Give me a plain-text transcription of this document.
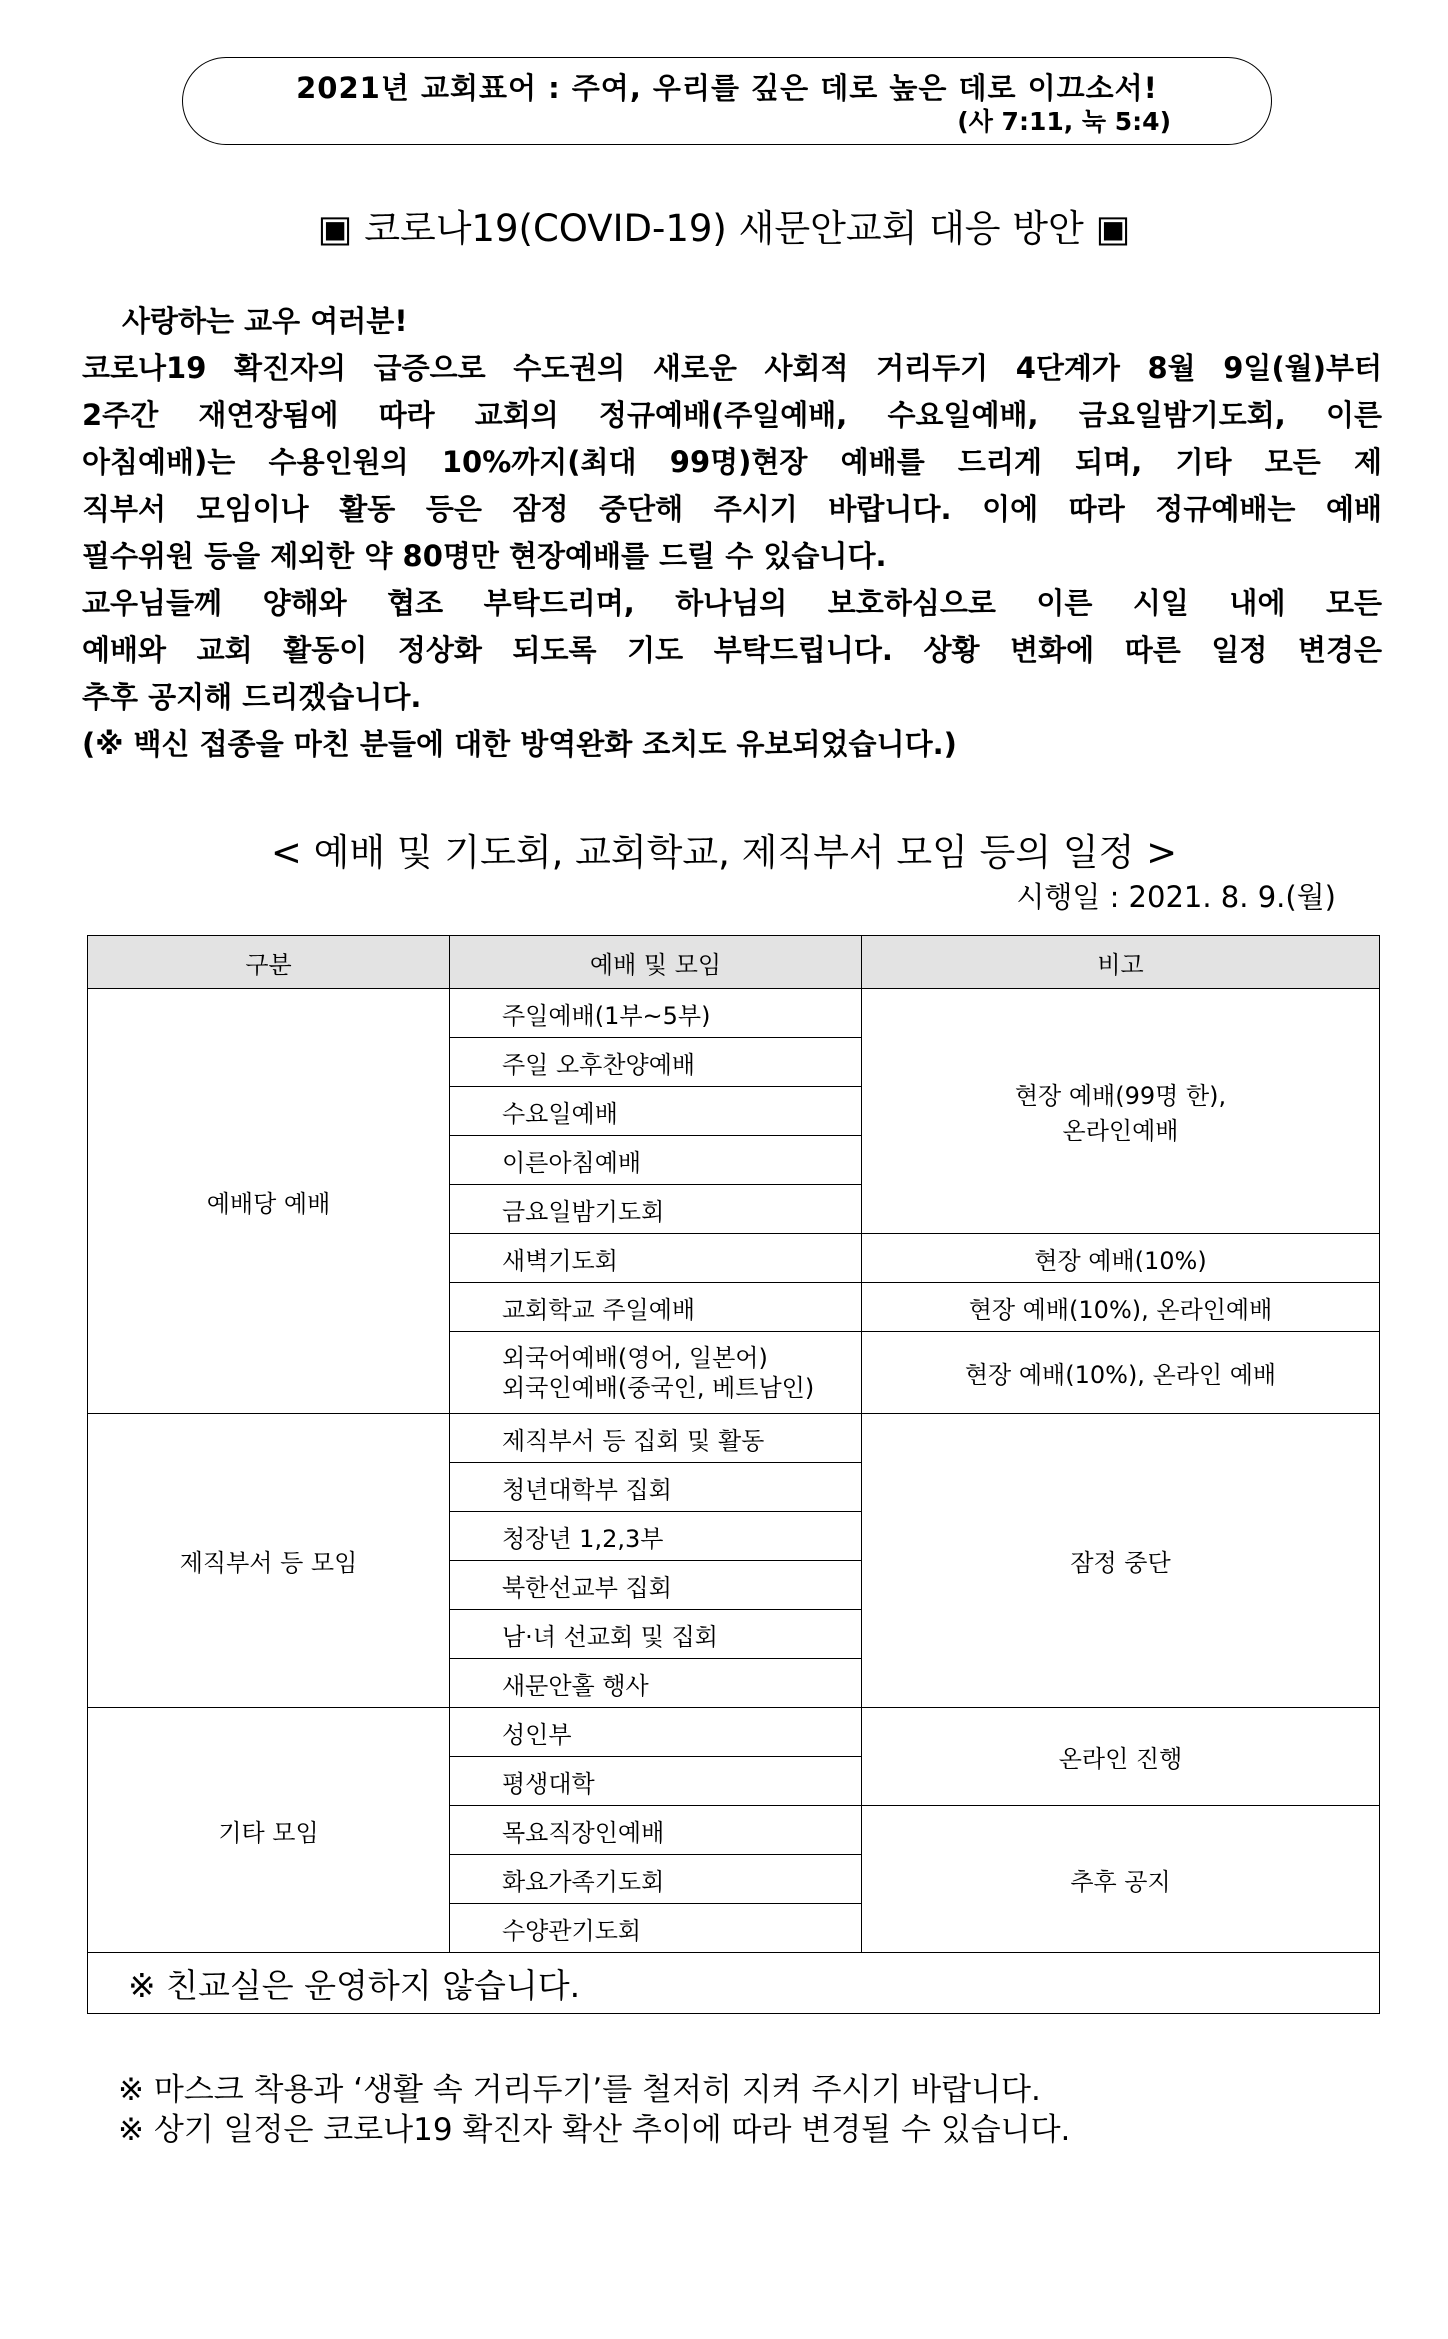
2021년 교회표어 : 주여, 우리를 깊은 데로 높은 데로 이끄소서!
(사 7:11, 눅 5:4)
▣ 코로나19(COVID-19) 새문안교회 대응 방안 ▣

사랑하는 교우 여러분!

코로나19 확진자의 급증으로 수도권의 새로운 사회적 거리두기 4단계가 8월 9일(월)부터

2주간 재연장됨에 따라 교회의 정규예배(주일예배, 수요일예배, 금요일밤기도회, 이른

아침예배)는 수용인원의 10%까지(최대 99명)현장 예배를 드리게 되며, 기타 모든 제

직부서 모임이나 활동 등은 잠정 중단해 주시기 바랍니다. 이에 따라 정규예배는 예배

필수위원 등을 제외한 약 80명만 현장예배를 드릴 수 있습니다.

교우님들께 양해와 협조 부탁드리며, 하나님의 보호하심으로 이른 시일 내에 모든

예배와 교회 활동이 정상화 되도록 기도 부탁드립니다. 상황 변화에 따른 일정 변경은

추후 공지해 드리겠습니다.

(※ 백신 접종을 마친 분들에 대한 방역완화 조치도 유보되었습니다.)

< 예배 및 기도회, 교회학교, 제직부서 모임 등의 일정 >
시행일 : 2021. 8. 9.(월)
구분	예배 및 모임	비고
예배당 예배	주일예배(1부~5부)	현장 예배(99명 한),
온라인예배
	주일 오후찬양예배	
	수요일예배	
	이른아침예배	
	금요일밤기도회	
	새벽기도회	현장 예배(10%)
	교회학교 주일예배	현장 예배(10%), 온라인예배
	외국어예배(영어, 일본어)
외국인예배(중국인, 베트남인)	현장 예배(10%), 온라인 예배
제직부서 등 모임	제직부서 등 집회 및 활동	잠정 중단
	청년대학부 집회	
	청장년 1,2,3부	
	북한선교부 집회	
	남·녀 선교회 및 집회	
	새문안홀 행사	
기타 모임	성인부	온라인 진행
	평생대학	
	목요직장인예배	추후 공지
	화요가족기도회	
	수양관기도회	
※ 친교실은 운영하지 않습니다.		
※ 마스크 착용과 ‘생활 속 거리두기’를 철저히 지켜 주시기 바랍니다.
※ 상기 일정은 코로나19 확진자 확산 추이에 따라 변경될 수 있습니다.
